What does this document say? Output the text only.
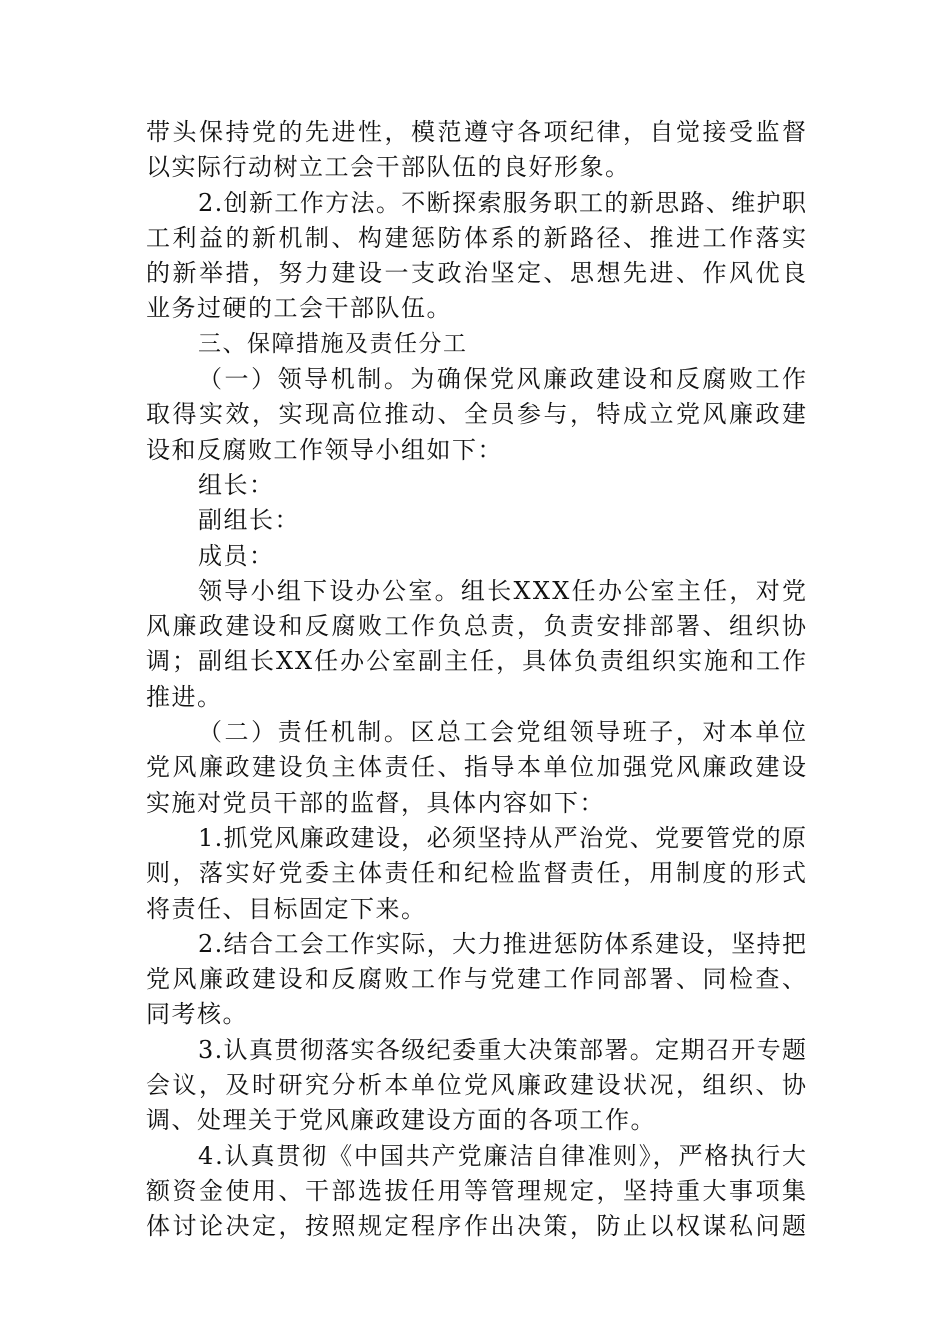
带头保持党的先进性，模范遵守各项纪律，自觉接受监督
以实际行动树立工会干部队伍的良好形象。
2.创新工作方法。不断探索服务职工的新思路、维护职
工利益的新机制、构建惩防体系的新路径、推进工作落实
的新举措，努力建设一支政治坚定、思想先进、作风优良
业务过硬的工会干部队伍。
三、保障措施及责任分工
（一）领导机制。为确保党风廉政建设和反腐败工作
取得实效，实现高位推动、全员参与，特成立党风廉政建
设和反腐败工作领导小组如下：
组长：
副组长：
成员：
领导小组下设办公室。组长XXX任办公室主任，对党
风廉政建设和反腐败工作负总责，负责安排部署、组织协
调；副组长XX任办公室副主任，具体负责组织实施和工作
推进。
（二）责任机制。区总工会党组领导班子，对本单位
党风廉政建设负主体责任、指导本单位加强党风廉政建设
实施对党员干部的监督，具体内容如下：
1.抓党风廉政建设，必须坚持从严治党、党要管党的原
则，落实好党委主体责任和纪检监督责任，用制度的形式
将责任、目标固定下来。
2.结合工会工作实际，大力推进惩防体系建设，坚持把
党风廉政建设和反腐败工作与党建工作同部署、同检查、
同考核。
3.认真贯彻落实各级纪委重大决策部署。定期召开专题
会议，及时研究分析本单位党风廉政建设状况，组织、协
调、处理关于党风廉政建设方面的各项工作。
4.认真贯彻《中国共产党廉洁自律准则》，严格执行大
额资金使用、干部选拔任用等管理规定，坚持重大事项集
体讨论决定，按照规定程序作出决策，防止以权谋私问题
